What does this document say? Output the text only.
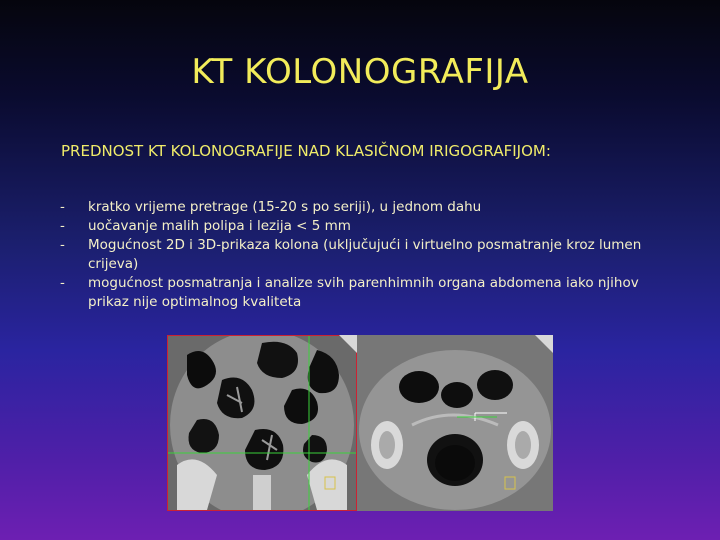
KT KOLONOGRAFIJA
PREDNOST KT KOLONOGRAFIJE NAD KLASIČNOM IRIGOGRAFIJOM:
-	kratko vrijeme pretrage (15-20 s po seriji), u jednom dahu
-	uočavanje malih polipa i lezija < 5 mm
-	Mogućnost 2D i 3D-prikaza kolona (uključujući i virtuelno posmatranje kroz lumen crijeva)
-	mogućnost posmatranja i analize svih parenhimnih organa abdomena iako njihov prikaz nije optimalnog kvaliteta
